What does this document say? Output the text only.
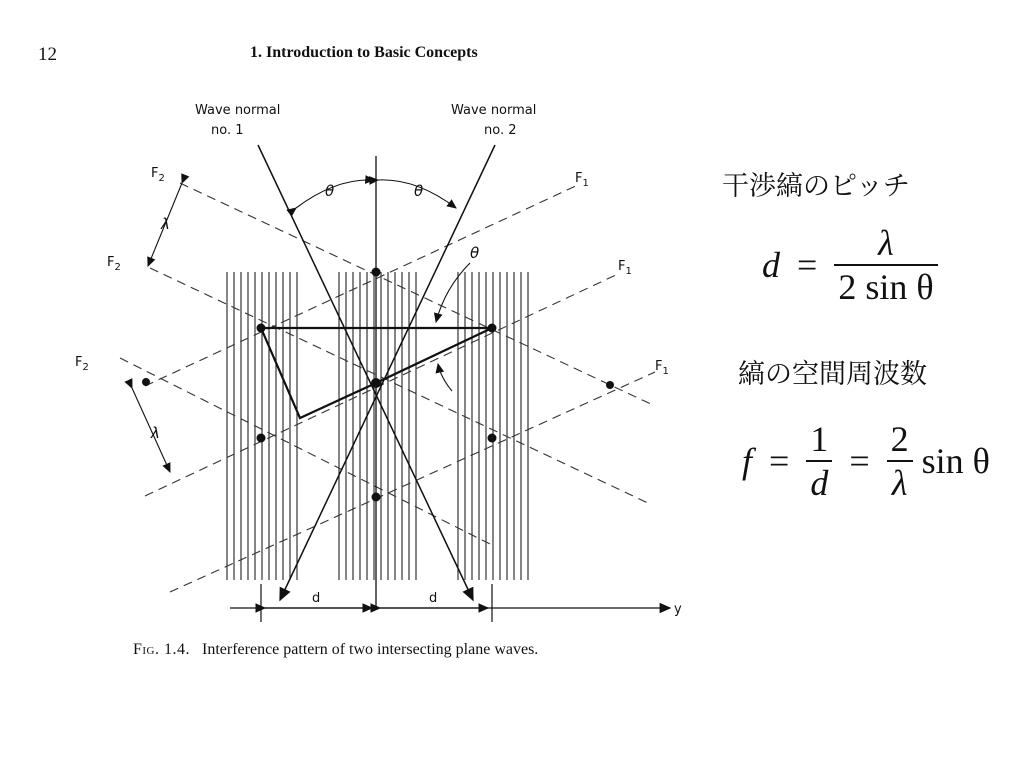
12	1. Introduction to Basic Concepts
Wave normal
no. 1
Wave normal
no. 2
θ	θ
θ
λ
λ
d	d
y
$F_2$
$F_2$
$F_2$
$F_1$
$F_1$
$F_1$
Fig. 1.4. Interference pattern of two intersecting plane waves.
干渉縞のピッチ
$d = \frac{\lambda}{\text{2 sin θ}}$
縞の空間周波数
$f = \frac{1}{d} = \frac{2}{\lambda}$ sin θ
